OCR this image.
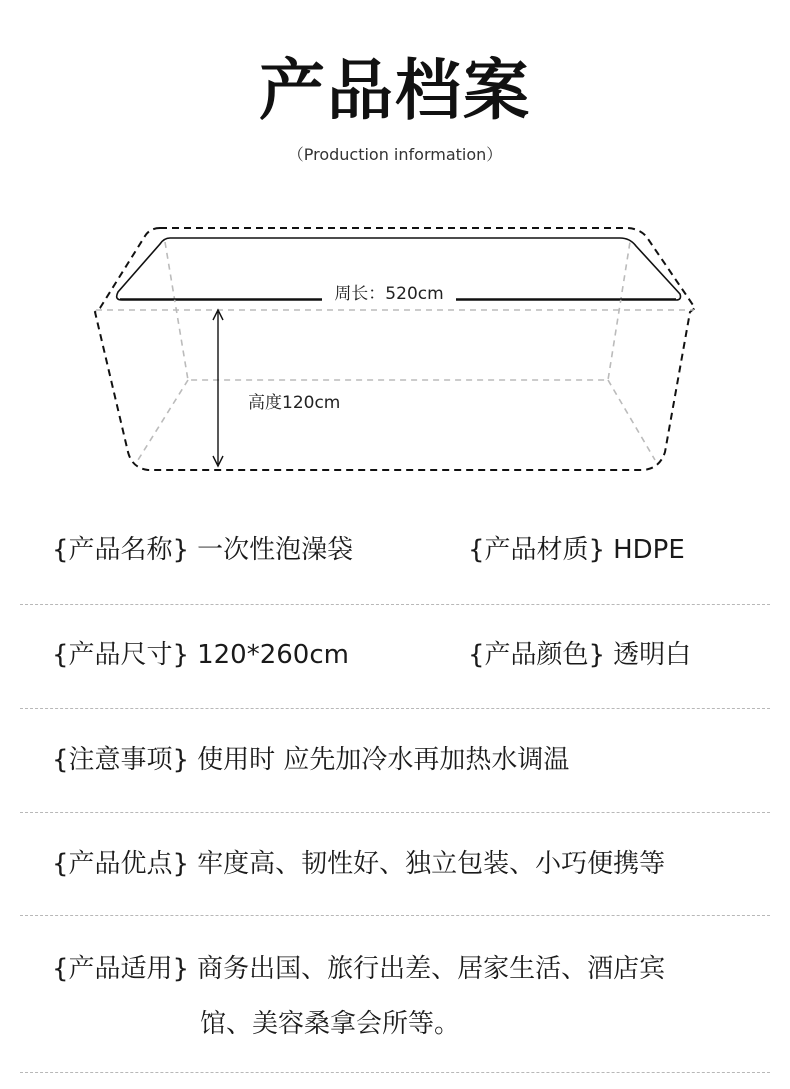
产品档案
（Production information）
周长：520cm
高度120cm
{产品名称} 一次性泡澡袋	{产品材质} HDPE
{产品尺寸} 120*260cm	{产品颜色} 透明白
{注意事项} 使用时 应先加冷水再加热水调温
{产品优点} 牢度高、韧性好、独立包装、小巧便携等
{产品适用} 商务出国、旅行出差、居家生活、酒店宾
馆、美容桑拿会所等。
